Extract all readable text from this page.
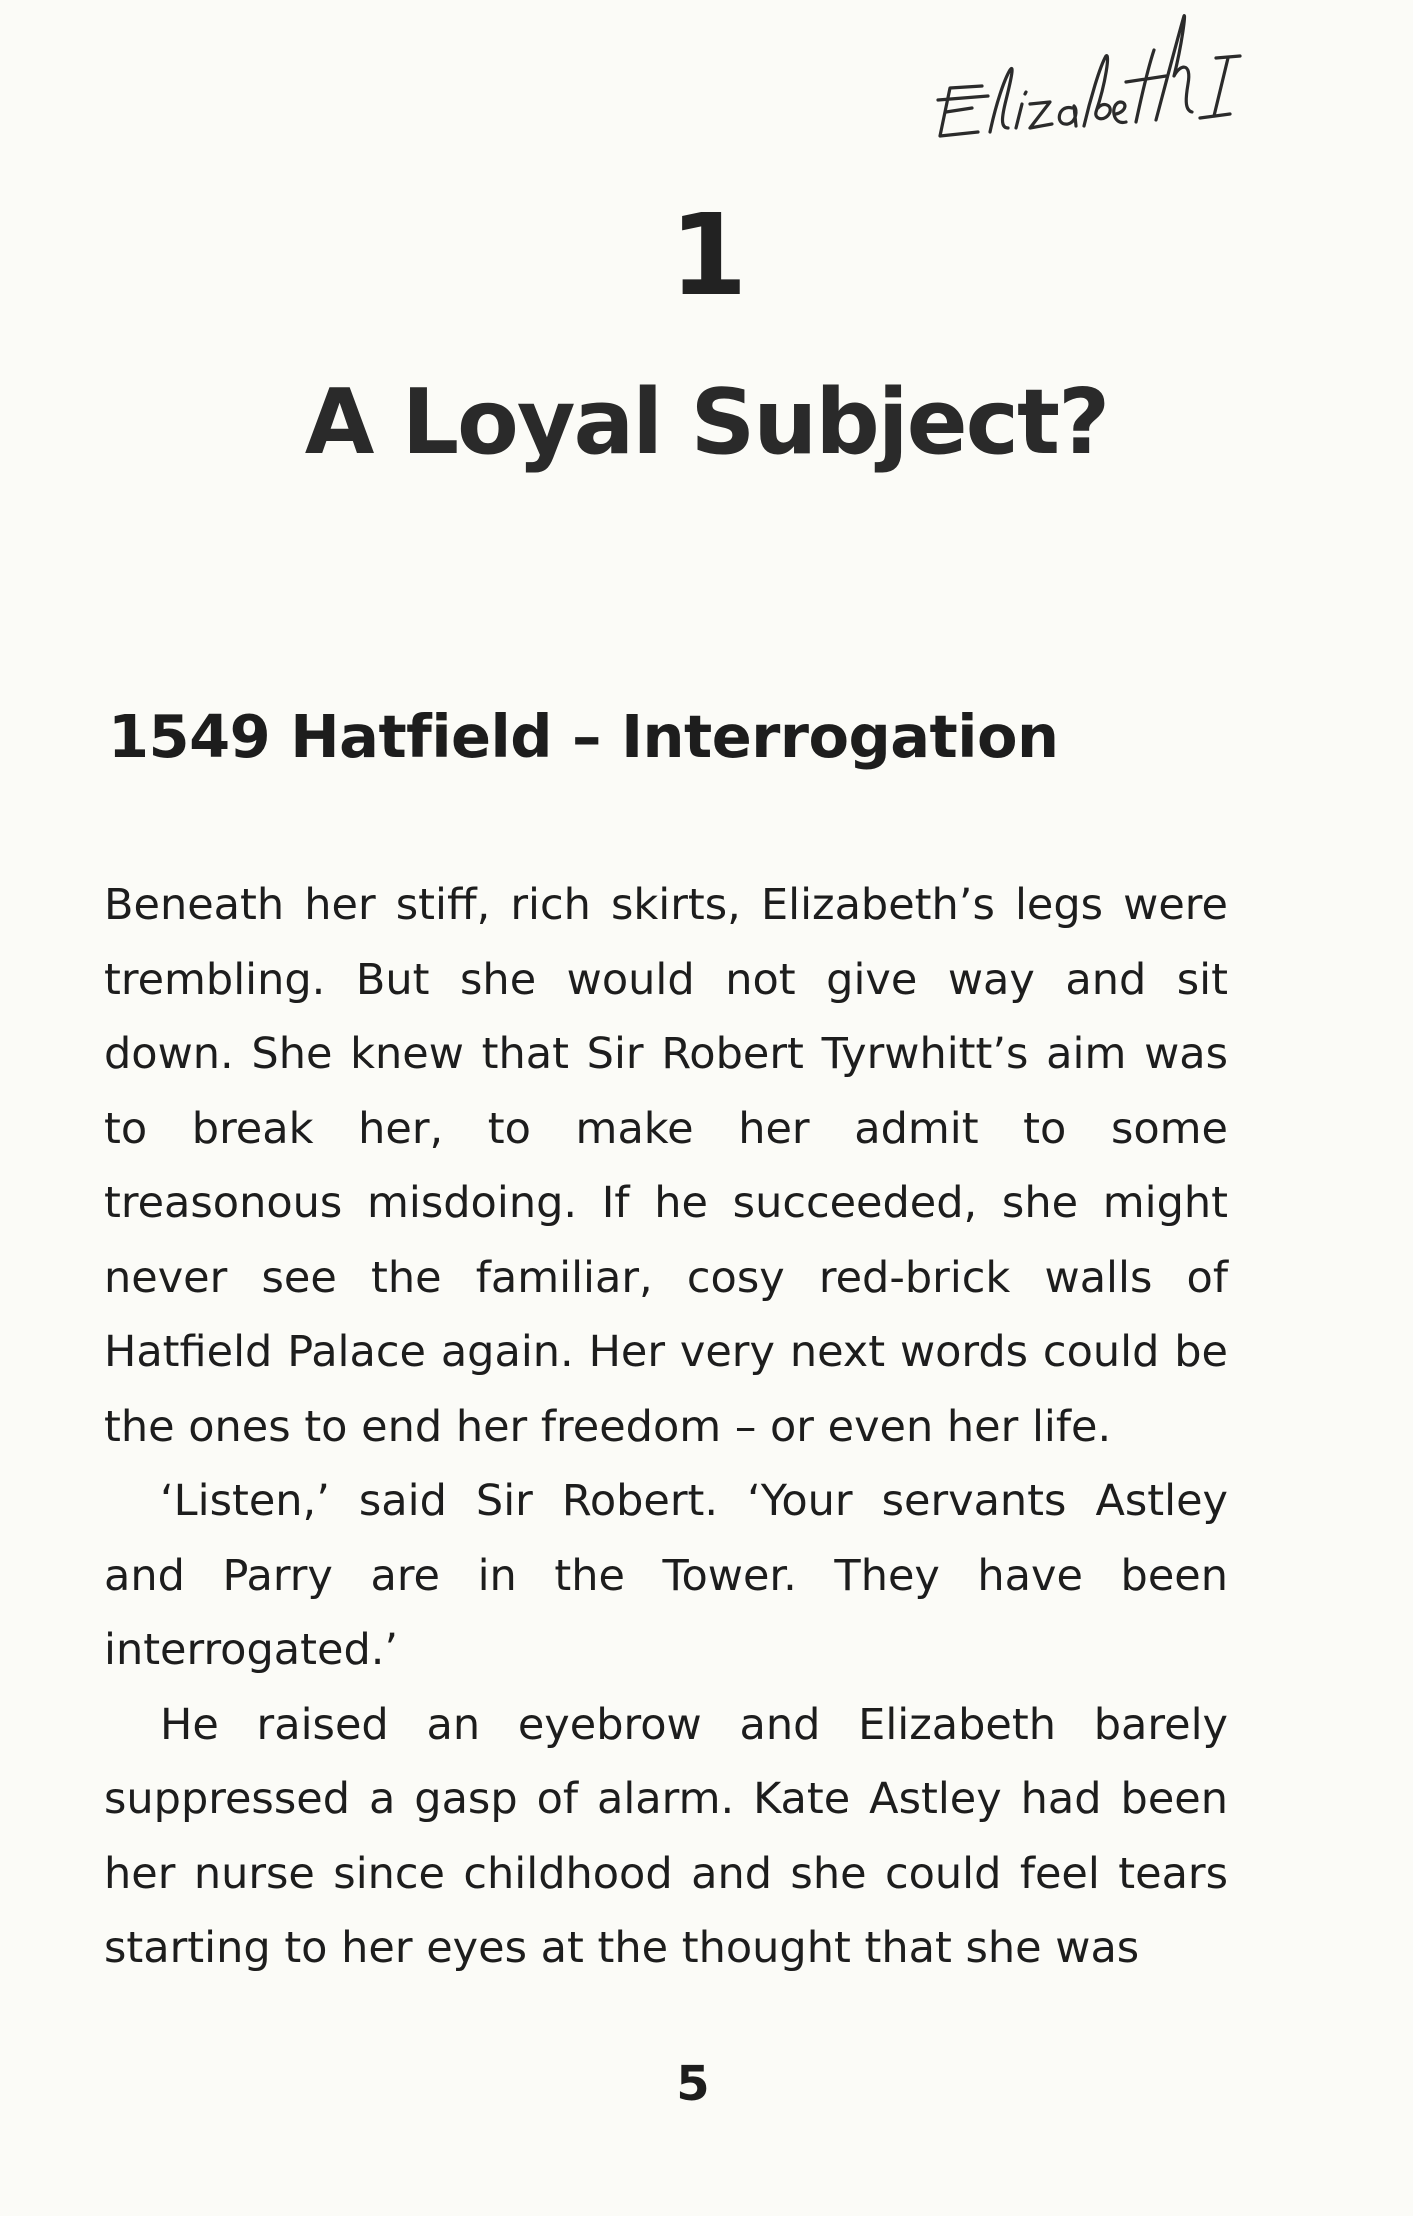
1
A Loyal Subject?
1549 Hatfield – Interrogation

Beneath her stiff, rich skirts, Elizabeth’s legs were trembling. But she would not give way and sit down. She knew that Sir Robert Tyrwhitt’s aim was to break her, to make her admit to some treasonous misdoing. If he succeeded, she might never see the familiar, cosy red-brick walls of Hatfield Palace again. Her very next words could be the ones to end her freedom – or even her life.

‘Listen,’ said Sir Robert. ‘Your servants Astley and Parry are in the Tower. They have been interrogated.’

He raised an eyebrow and Elizabeth barely suppressed a gasp of alarm. Kate Astley had been her nurse since childhood and she could feel tears starting to her eyes at the thought that she was

5
